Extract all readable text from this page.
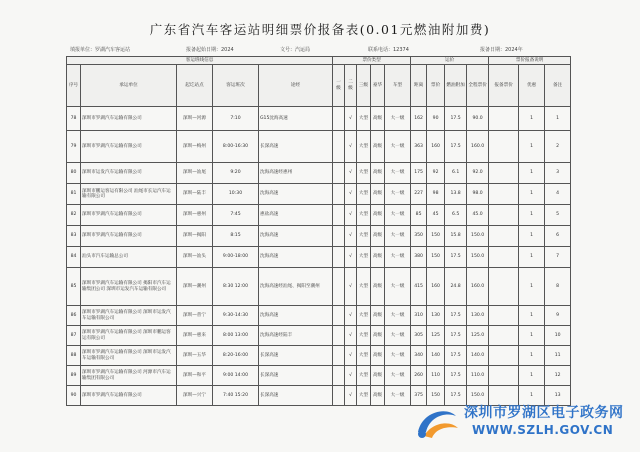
广东省汽车客运站明细票价报备表(0.01元燃油附加费)
填报单位：罗湖汽车客运站	报备起始日期：2024	文号：汽运局	联系电话：12374	报备日期：2024年
客运班线信息					票价类型					运价				票价报备说明		
序号	承运单位	起讫站点	客运班次	途经	一级	二级	三级	豪华	车型	距离	票价	燃油附加	全程票价	报备票价	优惠	备注
78	深圳市罗湖汽车运输有限公司	深圳—河源	7:10	G15沈海高速		√	大型	高级	大一级	162	90	17.5	90.0		1	1
79	深圳市罗湖汽车运输有限公司	深圳—梅州	8:00-16:30	长深高速		√	大型	高级	大一级	363	160	17.5	160.0		1	2
80	深圳市运发汽车运输有限公司	深圳—汕尾	9:20	沈海高速经惠州		√	大型	高级	大一级	175	92	6.1	92.0		1	3
81	深圳市鹏运客运有限公司 汕尾市长运汽车运输有限公司	深圳—陆丰	10:30	沈海高速		√	大型	高级	大一级	227	98	13.8	98.0		1	4
82	深圳市罗湖汽车运输有限公司	深圳—惠州	7:45	惠盐高速		√	大型	高级	大一级	85	45	6.5	45.0		1	5
83	深圳市罗湖汽车运输有限公司	深圳—揭阳	8:15	沈海高速		√	大型	高级	大一级	350	150	15.8	150.0		1	6
84	汕头市汽车运输总公司	深圳—汕头	9:00-18:00	沈海高速		√	大型	高级	大一级	380	150	17.5	150.0		1	7
85	深圳市罗湖汽车运输有限公司 揭阳市汽车运输集团公司 深圳市运发汽车运输有限公司	深圳—潮州	8:30 12:00	沈海高速经汕尾、揭阳至潮州		√	大型	高级	大一级	415	160	24.8	160.0		1	8
86	深圳市罗湖汽车运输有限公司 深圳市运发汽车运输有限公司	深圳—普宁	9:30-14:30	沈海高速		√	大型	高级	大一级	310	130	17.5	130.0		1	9
87	深圳市罗湖汽车运输有限公司 深圳市鹏运客运有限公司	深圳—惠来	8:00 13:00	沈海高速经陆丰		√	大型	高级	大一级	305	125	17.5	125.0		1	10
88	深圳市罗湖汽车运输有限公司 深圳市运发汽车运输有限公司	深圳—五华	8:20-16:00	长深高速		√	大型	高级	大一级	340	140	17.5	140.0		1	11
89	深圳市罗湖汽车运输有限公司 河源市汽车运输集团有限公司	深圳—和平	9:00 14:00	长深高速		√	大型	高级	大一级	260	110	17.5	110.0		1	12
90	深圳市罗湖汽车运输有限公司	深圳—兴宁	7:40 15:20	长深高速		√	大型	高级	大一级	375	150	17.5	150.0		1	13
深圳市罗湖区电子政务网
WWW.SZLH.GOV.CN
